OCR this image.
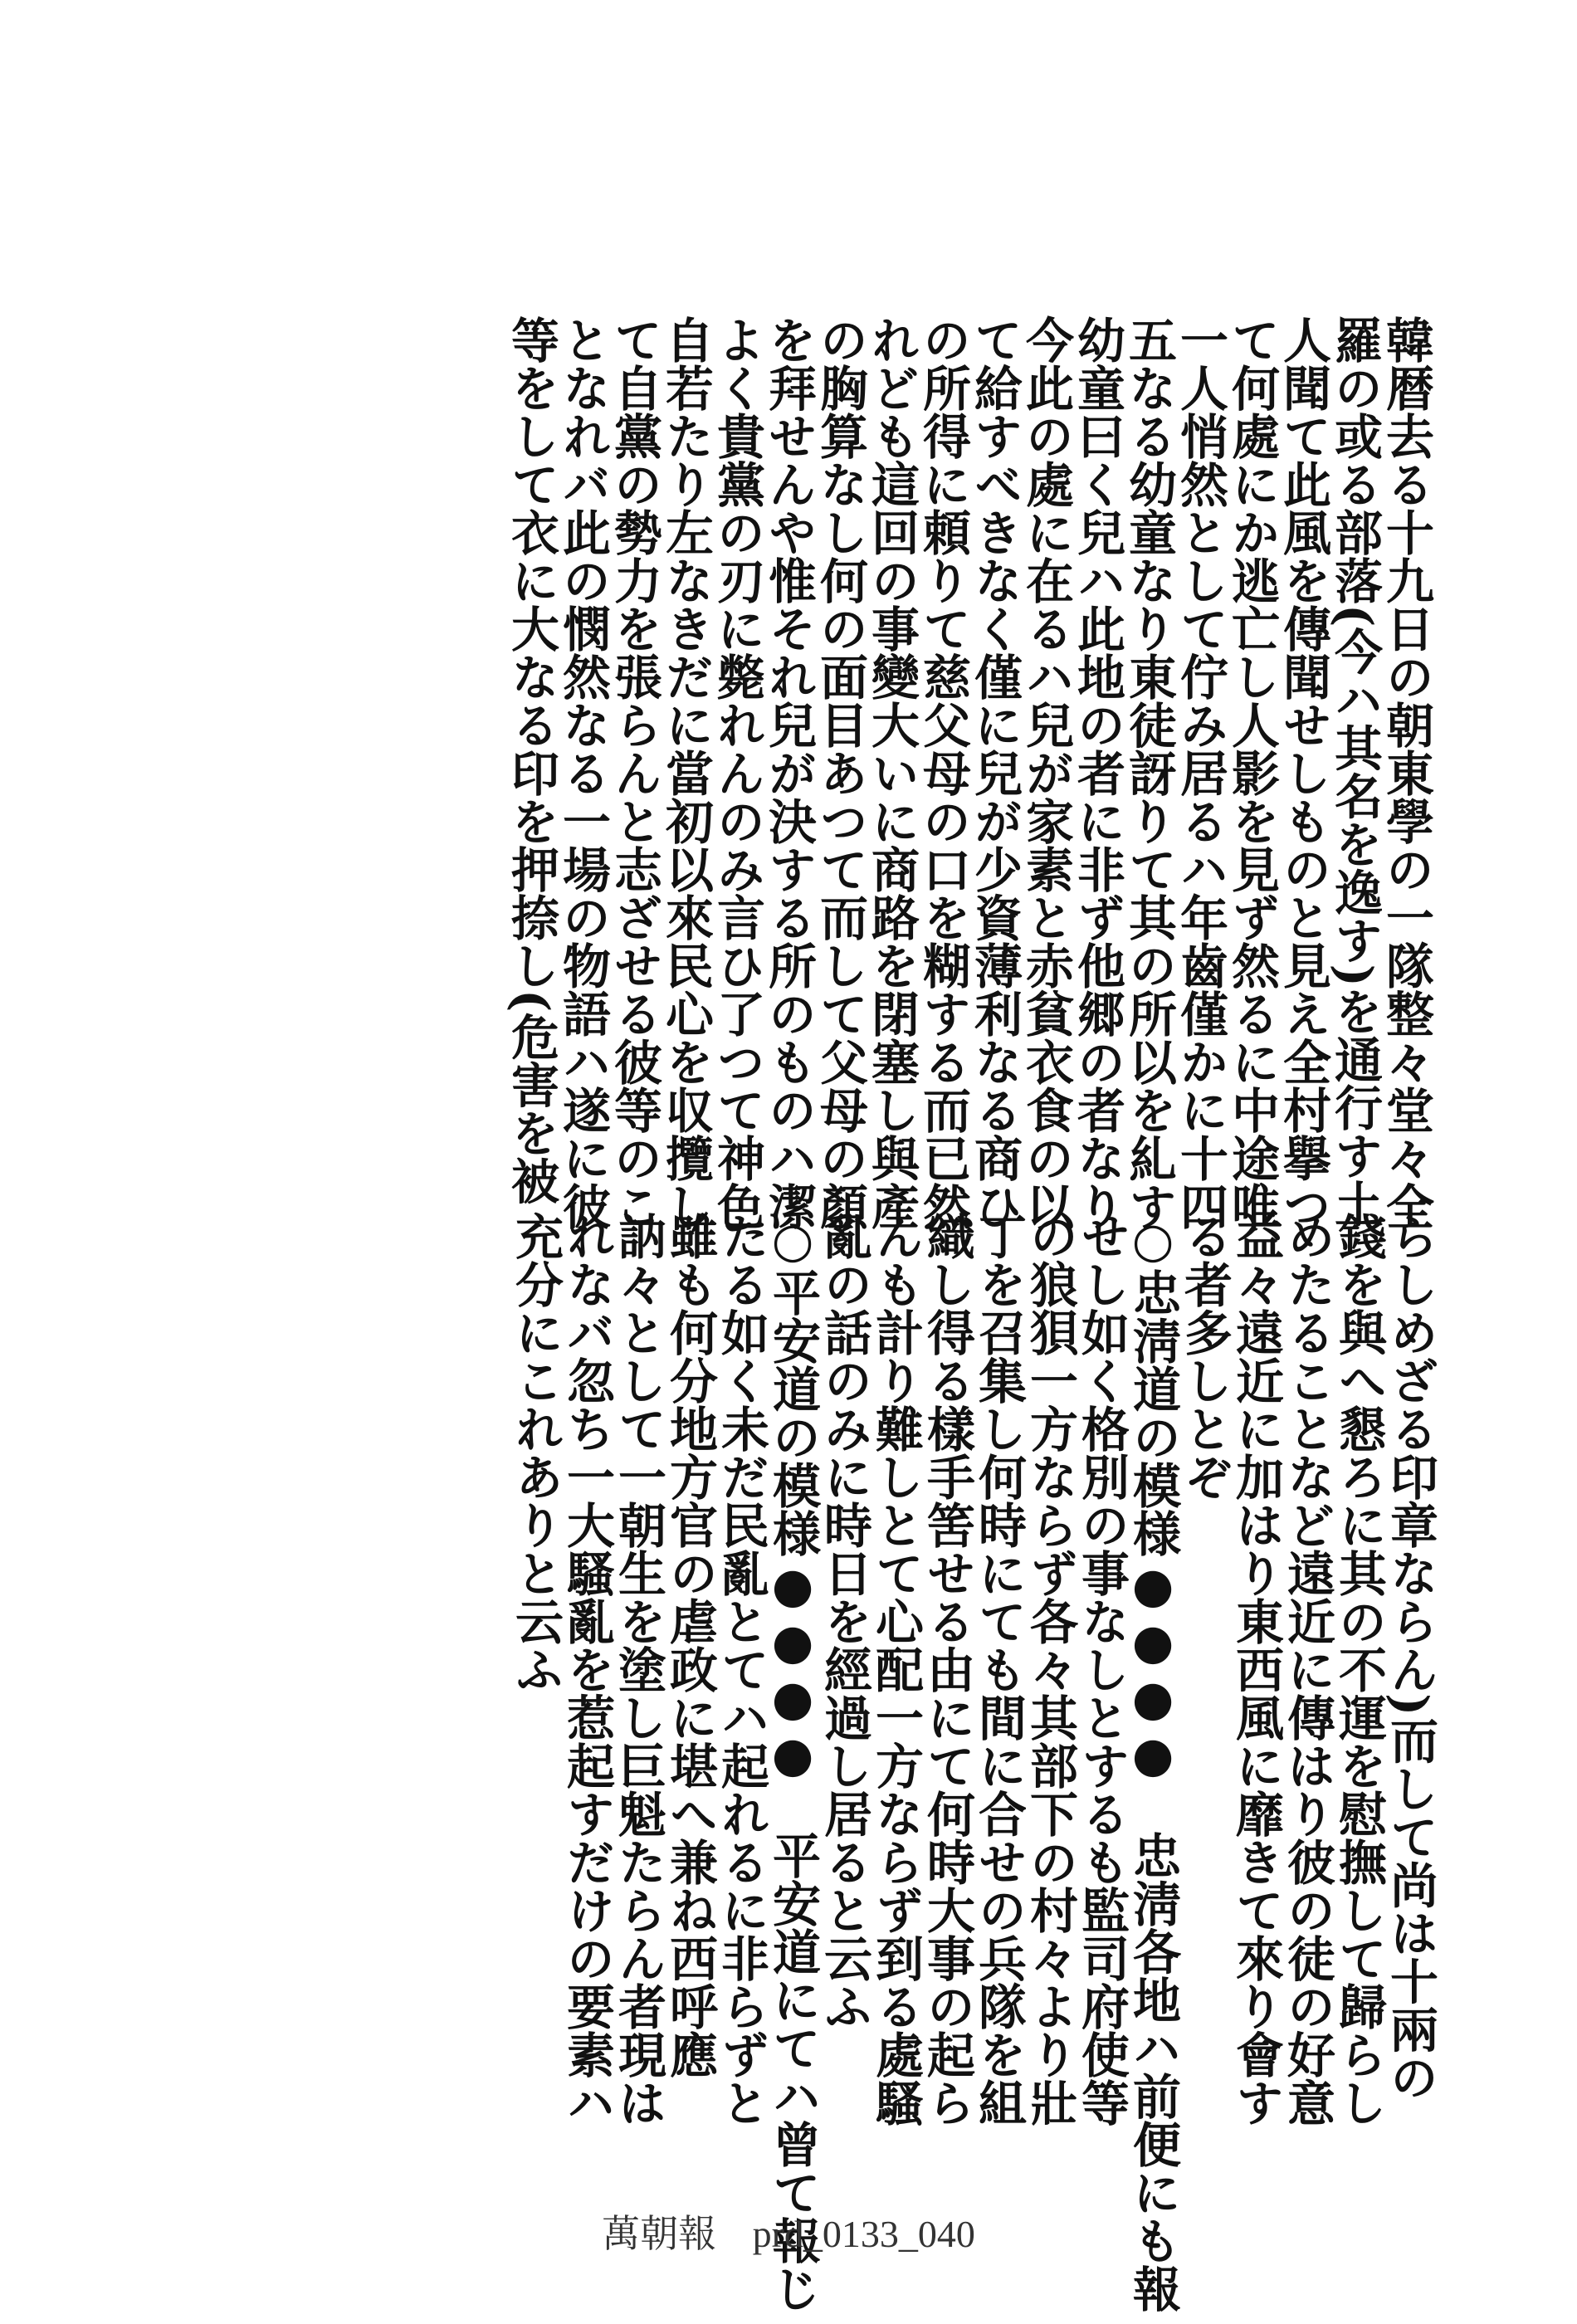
韓暦去る十九日の朝東學の一隊整々堂々全

羅の或る部落(今ハ其名を逸す)を通行す土

人聞て此風を傳聞せしものと見え全村擧つ

て何處にか逃亡し人影を見ず然るに中途唯

一人悄然として佇み居るハ年齒僅かに十四

五なる幼童なり東徒訝りて其の所以を糺す

幼童曰く兒ハ此地の者に非ず他郷の者なり

今此の處に在るハ兒が家素と赤貧衣食の以

て給すべきなく僅に兒が少資薄利なる商ひ

の所得に頼りて慈父母の口を糊する而已然

れども這回の事變大いに商路を閉塞し與產

の胸算なし何の面目あつて而して父母の顏

を拜せんや惟それ兒が決する所のものハ潔

よく貴黨の刃に斃れんのみ言ひ了つて神色

自若たり左なきだに當初以來民心を収攬し

て自黨の勢力を張らんと志ざせる彼等のこ

となれバ此の憫然なる一場の物語ハ遂に彼

等をして衣に大なる印を押捺し(危害を被

らしめざる印章ならん)而して尚は十兩の

錢を與へ懇ろに其の不運を慰撫して歸らし

めたることなど遠近に傳はり彼の徒の好意

益々遠近に加はり東西風に靡きて來り會す

る者多しとぞ

○忠淸道の模様●●●●　忠淸各地ハ前便にも報

せし如く格別の事なしとするも監司府使等

の狼狽一方ならず各々其部下の村々より壯

丁を召集し何時にても間に合せの兵隊を組

織し得る樣手筈せる由にて何時大事の起ら

んも計り難しとて心配一方ならず到る處騷

亂の話のみに時日を經過し居ると云ふ

○平安道の模様●●●●　平安道にてハ曾て報じ

たる如く未だ民亂とてハ起れるに非らずと

雖も何分地方官の虐政に堪へ兼ね西呼應

訥々として一朝生を塗し巨魁たらん者現は

れなバ忽ち一大騷亂を惹起すだけの要素ハ

充分にこれありと云ふ

萬朝報 prd_0133_040
